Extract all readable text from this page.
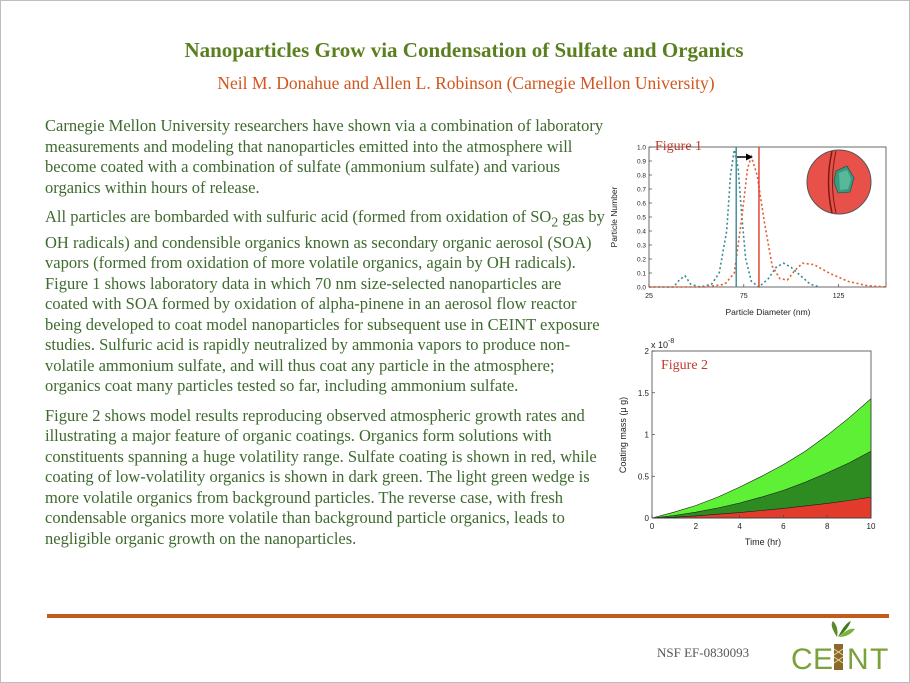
Nanoparticles Grow via Condensation of Sulfate and Organics
Neil M. Donahue and Allen L. Robinson (Carnegie Mellon University)

Carnegie Mellon University researchers have shown via a combination of laboratory measurements and modeling that nanoparticles emitted into the atmosphere will become coated with a combination of sulfate (ammonium sulfate) and various organics within hours of release.

All particles are bombarded with sulfuric acid (formed from oxidation of $SO_2$ gas by OH radicals) and condensible organics known as secondary organic aerosol (SOA) vapors (formed from oxidation of more volatile organics, again by OH radicals). Figure 1 shows laboratory data in which 70 nm size-selected nanoparticles are coated with SOA formed by oxidation of alpha-pinene in an aerosol flow reactor being developed to coat model nanoparticles for subsequent use in CEINT exposure studies. Sulfuric acid is rapidly neutralized by ammonia vapors to produce non-volatile ammonium sulfate, and will thus coat any particle in the atmosphere; organics coat many particles tested so far, including ammonium sulfate.

Figure 2 shows model results reproducing observed atmospheric growth rates and illustrating a major feature of organic coatings. Organics form solutions with constituents spanning a huge volatility range. Sulfate coating is shown in red, while coating of low-volatility organics is shown in dark green. The light green wedge is more volatile organics from background particles. The reverse case, with fresh condensable organics more volatile than background particle organics, leads to negligible organic growth on the nanoparticles.

0.0
0.1
0.2
0.3
0.4
0.5
0.6
0.7
0.8
0.9
1.0
25	75	125
Figure 1
Particle Diameter (nm)
Particle Number
0
0.5
1
1.5
2
0	2	4	6	8	10
Figure 2
Time (hr)
Coating mass (μ g)
x $10^{-8}$
NSF EF-0830093 C E N T
